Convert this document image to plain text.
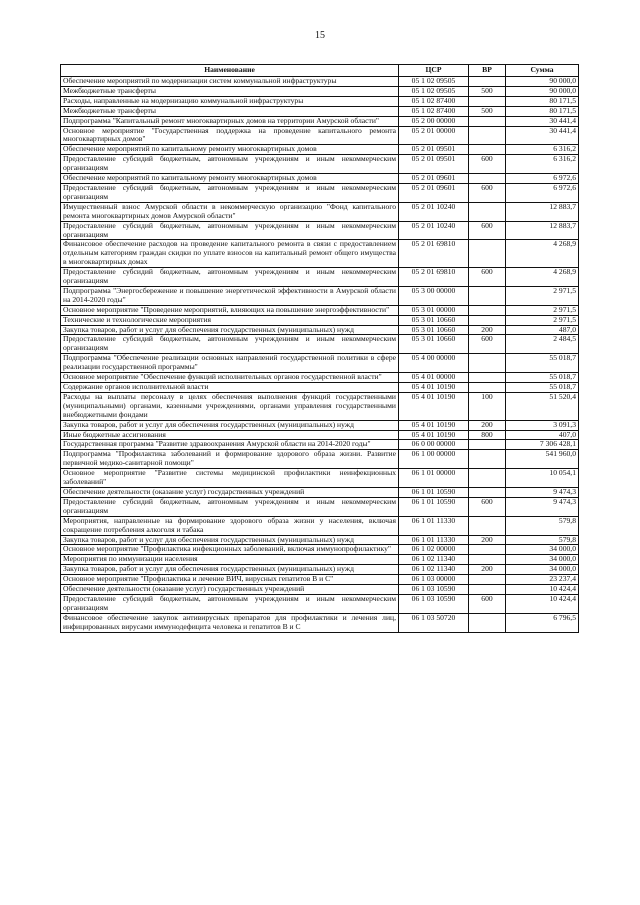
15
Наименование	ЦСР	ВР	Сумма
Обеспечение мероприятий по модернизации систем коммунальной инфраструктуры	05 1 02 09505		90 000,0
Межбюджетные трансферты	05 1 02 09505	500	90 000,0
Расходы, направленные на модернизацию коммунальной инфраструктуры	05 1 02 87400		80 171,5
Межбюджетные трансферты	05 1 02 87400	500	80 171,5
Подпрограмма "Капитальный ремонт многоквартирных домов на территории Амурской области"	05 2 00 00000		30 441,4
Основное мероприятие "Государственная поддержка на проведение капитального ремонта многоквартирных домов"	05 2 01 00000		30 441,4
Обеспечение мероприятий по капитальному ремонту многоквартирных домов	05 2 01 09501		6 316,2
Предоставление субсидий бюджетным, автономным учреждениям и иным некоммерческим организациям	05 2 01 09501	600	6 316,2
Обеспечение мероприятий по капитальному ремонту многоквартирных домов	05 2 01 09601		6 972,6
Предоставление субсидий бюджетным, автономным учреждениям и иным некоммерческим организациям	05 2 01 09601	600	6 972,6
Имущественный взнос Амурской области в некоммерческую организацию "Фонд капитального ремонта многоквартирных домов Амурской области"	05 2 01 10240		12 883,7
Предоставление субсидий бюджетным, автономным учреждениям и иным некоммерческим организациям	05 2 01 10240	600	12 883,7
Финансовое обеспечение расходов на проведение капитального ремонта в связи с предоставлением отдельным категориям граждан скидки по уплате взносов на капитальный ремонт общего имущества в многоквартирных домах	05 2 01 69810		4 268,9
Предоставление субсидий бюджетным, автономным учреждениям и иным некоммерческим организациям	05 2 01 69810	600	4 268,9
Подпрограмма "Энергосбережение и повышение энергетической эффективности в Амурской области на 2014-2020 годы"	05 3 00 00000		2 971,5
Основное мероприятие "Проведение мероприятий, влияющих на повышение энергоэффективности"	05 3 01 00000		2 971,5
Технические и технологические мероприятия	05 3 01 10660		2 971,5
Закупка товаров, работ и услуг для обеспечения государственных (муниципальных) нужд	05 3 01 10660	200	487,0
Предоставление субсидий бюджетным, автономным учреждениям и иным некоммерческим организациям	05 3 01 10660	600	2 484,5
Подпрограмма "Обеспечение реализации основных направлений государственной политики в сфере реализации государственной программы"	05 4 00 00000		55 018,7
Основное мероприятие "Обеспечение функций исполнительных органов государственной власти"	05 4 01 00000		55 018,7
Содержание органов исполнительной власти	05 4 01 10190		55 018,7
Расходы на выплаты персоналу в целях обеспечения выполнения функций государственными (муниципальными) органами, казенными учреждениями, органами управления государственными внебюджетными фондами	05 4 01 10190	100	51 520,4
Закупка товаров, работ и услуг для обеспечения государственных (муниципальных) нужд	05 4 01 10190	200	3 091,3
Иные бюджетные ассигнования	05 4 01 10190	800	407,0
Государственная программа "Развитие здравоохранения Амурской области на 2014-2020 годы"	06 0 00 00000		7 306 428,1
Подпрограмма "Профилактика заболеваний и формирование здорового образа жизни. Развитие первичной медико-санитарной помощи"	06 1 00 00000		541 960,0
Основное мероприятие "Развитие системы медицинской профилактики неинфекционных заболеваний"	06 1 01 00000		10 054,1
Обеспечение деятельности (оказание услуг) государственных учреждений	06 1 01 10590		9 474,3
Предоставление субсидий бюджетным, автономным учреждениям и иным некоммерческим организациям	06 1 01 10590	600	9 474,3
Мероприятия, направленные на формирование здорового образа жизни у населения, включая сокращение потребления алкоголя и табака	06 1 01 11330		579,8
Закупка товаров, работ и услуг для обеспечения государственных (муниципальных) нужд	06 1 01 11330	200	579,8
Основное мероприятие "Профилактика инфекционных заболеваний, включая иммунопрофилактику"	06 1 02 00000		34 000,0
Мероприятия по иммунизации населения	06 1 02 11340		34 000,0
Закупка товаров, работ и услуг для обеспечения государственных (муниципальных) нужд	06 1 02 11340	200	34 000,0
Основное мероприятие "Профилактика и лечение ВИЧ, вирусных гепатитов В и С"	06 1 03 00000		23 237,4
Обеспечение деятельности (оказание услуг) государственных учреждений	06 1 03 10590		10 424,4
Предоставление субсидий бюджетным, автономным учреждениям и иным некоммерческим организациям	06 1 03 10590	600	10 424,4
Финансовое обеспечение закупок антивирусных препаратов для профилактики и лечения лиц, инфицированных вирусами иммунодефицита человека и гепатитов В и С	06 1 03 50720		6 796,5
